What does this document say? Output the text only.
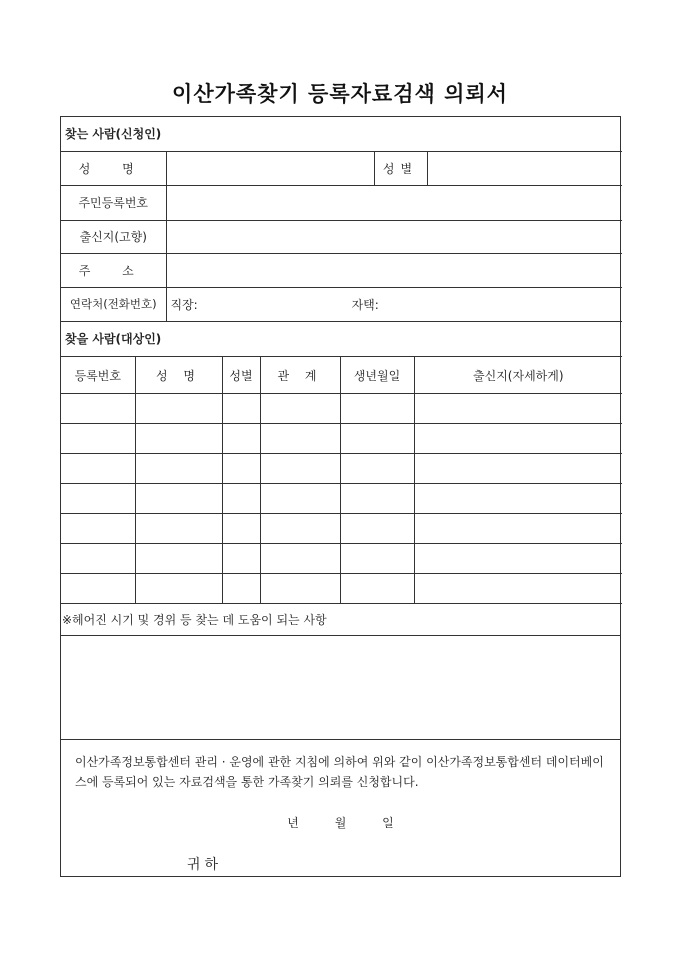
이산가족찾기 등록자료검색 의뢰서
찾는 사람(신청인)			
성 명		성별	
주민등록번호			
출신지(고향)			
주 소			
연락처(전화번호)	직장: 자택:		
찾을 사람(대상인)					
등록번호	성 명	성별	관 계	생년월일	출신지(자세하게)

※헤어진 시기 및 경위 등 찾는 데 도움이 되는 사항

이산가족정보통합센터 관리 · 운영에 관한 지침에 의하여 위와 같이 이산가족정보통합센터 데이터베이스에 등록되어 있는 자료검색을 통한 가족찾기 의뢰를 신청합니다.
년	월	일
귀하
